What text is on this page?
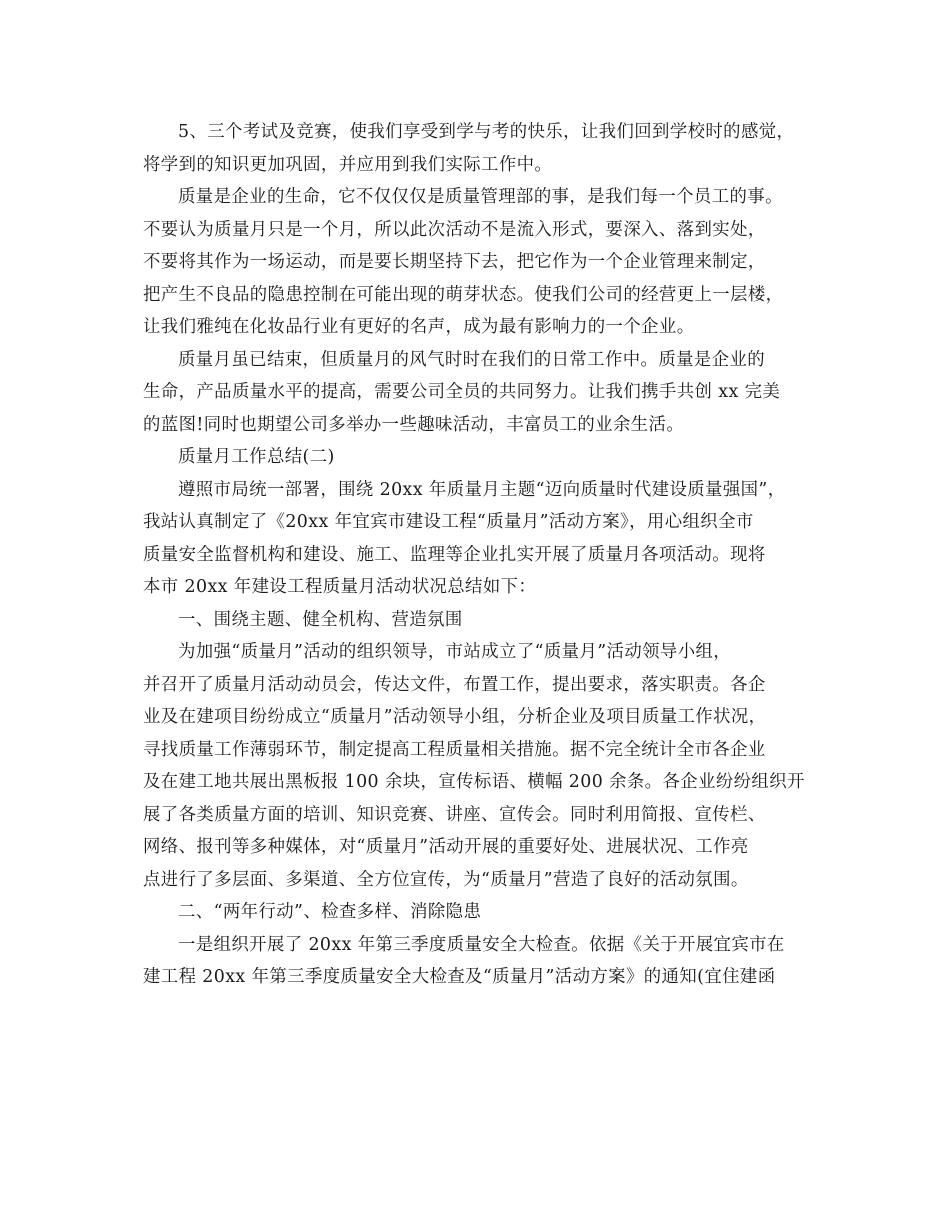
5、三个考试及竞赛，使我们享受到学与考的快乐，让我们回到学校时的感觉，
将学到的知识更加巩固，并应用到我们实际工作中。
质量是企业的生命，它不仅仅仅是质量管理部的事，是我们每一个员工的事。
不要认为质量月只是一个月，所以此次活动不是流入形式，要深入、落到实处，
不要将其作为一场运动，而是要长期坚持下去，把它作为一个企业管理来制定，
把产生不良品的隐患控制在可能出现的萌芽状态。使我们公司的经营更上一层楼，
让我们雅纯在化妆品行业有更好的名声，成为最有影响力的一个企业。
质量月虽已结束，但质量月的风气时时在我们的日常工作中。质量是企业的
生命，产品质量水平的提高，需要公司全员的共同努力。让我们携手共创 xx 完美
的蓝图!同时也期望公司多举办一些趣味活动，丰富员工的业余生活。
质量月工作总结(二)
遵照市局统一部署，围绕 20xx 年质量月主题“迈向质量时代建设质量强国”，
我站认真制定了《20xx 年宜宾市建设工程“质量月”活动方案》，用心组织全市
质量安全监督机构和建设、施工、监理等企业扎实开展了质量月各项活动。现将
本市 20xx 年建设工程质量月活动状况总结如下：
一、围绕主题、健全机构、营造氛围
为加强“质量月”活动的组织领导，市站成立了“质量月”活动领导小组，
并召开了质量月活动动员会，传达文件，布置工作，提出要求，落实职责。各企
业及在建项目纷纷成立“质量月”活动领导小组，分析企业及项目质量工作状况，
寻找质量工作薄弱环节，制定提高工程质量相关措施。据不完全统计全市各企业
及在建工地共展出黑板报 100 余块，宣传标语、横幅 200 余条。各企业纷纷组织开
展了各类质量方面的培训、知识竞赛、讲座、宣传会。同时利用简报、宣传栏、
网络、报刊等多种媒体，对“质量月”活动开展的重要好处、进展状况、工作亮
点进行了多层面、多渠道、全方位宣传，为“质量月”营造了良好的活动氛围。
二、“两年行动”、检查多样、消除隐患
一是组织开展了 20xx 年第三季度质量安全大检查。依据《关于开展宜宾市在
建工程 20xx 年第三季度质量安全大检查及“质量月”活动方案》的通知(宜住建函
